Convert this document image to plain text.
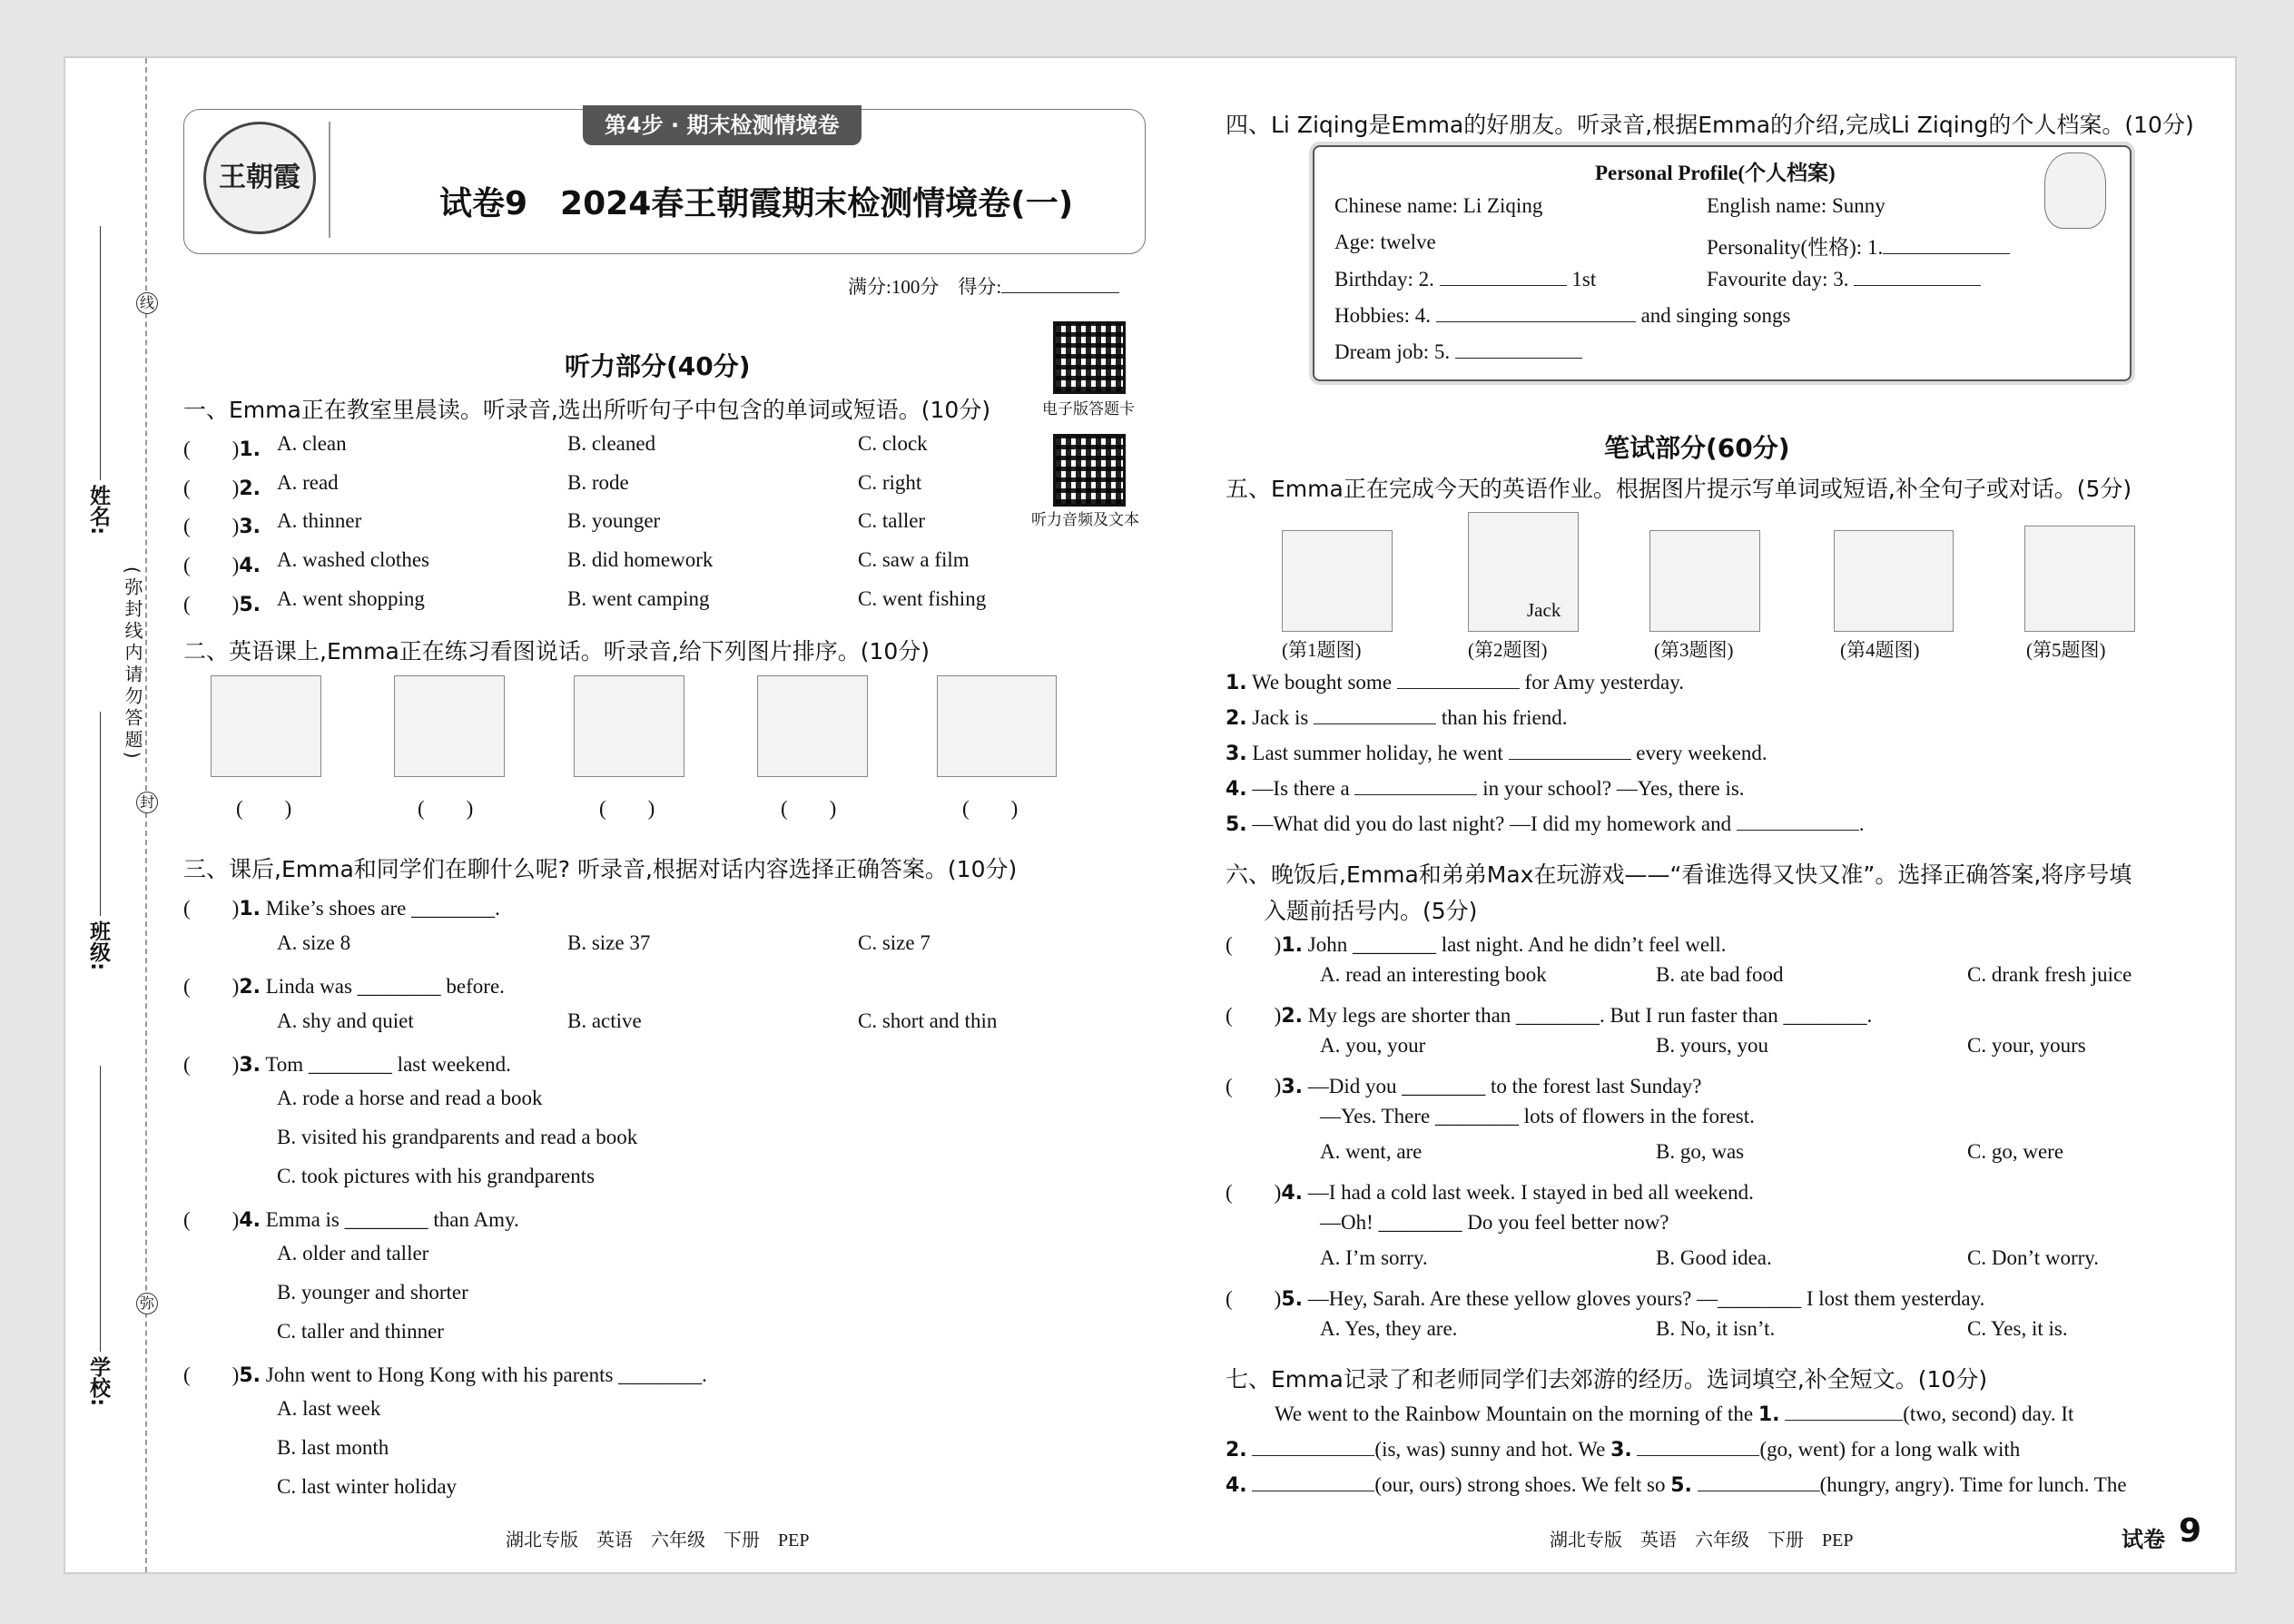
线
封
弥
(弥封线内请勿答题)
姓名:
班级:
学校:
第4步 · 期末检测情境卷
王朝霞
试卷9　2024春王朝霞期末检测情境卷(一)
满分:100分　得分:
电子版答题卡
听力音频及文本
听力部分(40分)
一、Emma正在教室里晨读。听录音,选出所听句子中包含的单词或短语。(10分)
(　　)1. A. clean	B. cleaned	C. clock
(　　)2. A. read	B. rode	C. right
(　　)3. A. thinner	B. younger	C. taller
(　　)4. A. washed clothes	B. did homework	C. saw a film
(　　)5. A. went shopping	B. went camping	C. went fishing
二、英语课上,Emma正在练习看图说话。听录音,给下列图片排序。(10分)
(　　)	(　　)	(　　)	(　　)	(　　)
三、课后,Emma和同学们在聊什么呢? 听录音,根据对话内容选择正确答案。(10分)
(　　)1. Mike’s shoes are ________.
A. size 8	B. size 37	C. size 7
(　　)2. Linda was ________ before.
A. shy and quiet	B. active	C. short and thin
(　　)3. Tom ________ last weekend.
A. rode a horse and read a book
B. visited his grandparents and read a book
C. took pictures with his grandparents
(　　)4. Emma is ________ than Amy.
A. older and taller
B. younger and shorter
C. taller and thinner
(　　)5. John went to Hong Kong with his parents ________.
A. last week
B. last month
C. last winter holiday
湖北专版　英语　六年级　下册　PEP
四、Li Ziqing是Emma的好朋友。听录音,根据Emma的介绍,完成Li Ziqing的个人档案。(10分)
Personal Profile(个人档案)
Chinese name: Li Ziqing	English name: Sunny
Age: twelve	Personality(性格): 1.
Birthday: 2.	1st	Favourite day: 3.
Hobbies: 4.	and singing songs
Dream job: 5.
笔试部分(60分)
五、Emma正在完成今天的英语作业。根据图片提示写单词或短语,补全句子或对话。(5分)
Jack
(第1题图)	(第2题图)	(第3题图)	(第4题图)	(第5题图)
1. We bought some	for Amy yesterday.
2. Jack is	than his friend.
3. Last summer holiday, he went	every weekend.
4. —Is there a	in your school? —Yes, there is.
5. —What did you do last night? —I did my homework and	.
六、晚饭后,Emma和弟弟Max在玩游戏——“看谁选得又快又准”。选择正确答案,将序号填
入题前括号内。(5分)
(　　)1. John ________ last night. And he didn’t feel well.
A. read an interesting book	B. ate bad food	C. drank fresh juice
(　　)2. My legs are shorter than ________. But I run faster than ________.
A. you, your	B. yours, you	C. your, yours
(　　)3. —Did you ________ to the forest last Sunday?
—Yes. There ________ lots of flowers in the forest.
A. went, are	B. go, was	C. go, were
(　　)4. —I had a cold last week. I stayed in bed all weekend.
—Oh! ________ Do you feel better now?
A. I’m sorry.	B. Good idea.	C. Don’t worry.
(　　)5. —Hey, Sarah. Are these yellow gloves yours? —________ I lost them yesterday.
A. Yes, they are.	B. No, it isn’t.	C. Yes, it is.
七、Emma记录了和老师同学们去郊游的经历。选词填空,补全短文。(10分)
We went to the Rainbow Mountain on the morning of the 1.	(two, second) day. It
2.	(is, was) sunny and hot. We 3.	(go, went) for a long walk with
4.	(our, ours) strong shoes. We felt so 5.	(hungry, angry). Time for lunch. The
湖北专版　英语　六年级　下册　PEP	试卷 9
